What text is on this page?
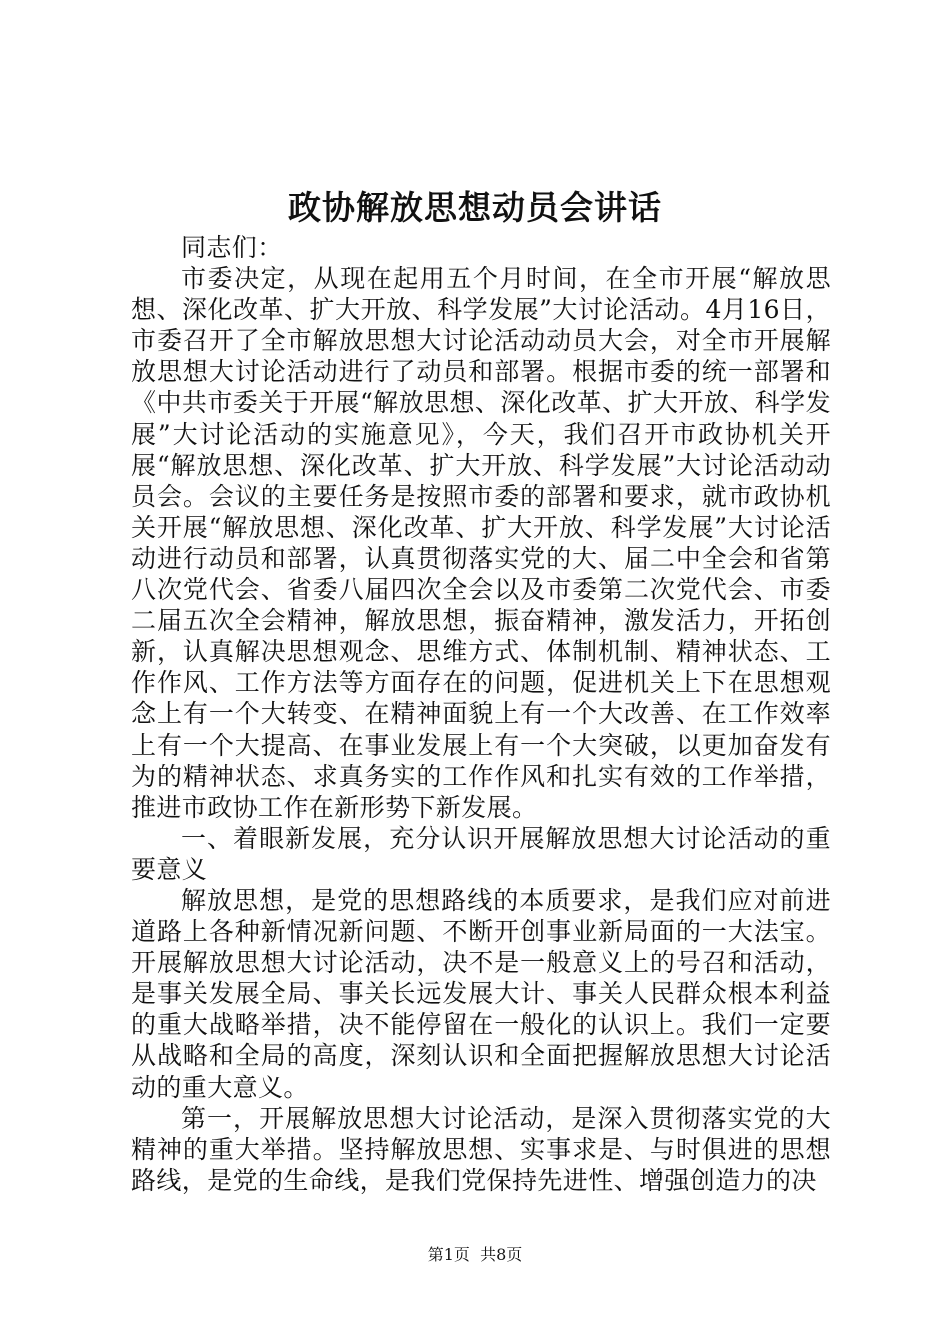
政协解放思想动员会讲话

同志们：

市委决定，从现在起用五个月时间，在全市开展“解放思想、深化改革、扩大开放、科学发展”大讨论活动。4月16日，市委召开了全市解放思想大讨论活动动员大会，对全市开展解放思想大讨论活动进行了动员和部署。根据市委的统一部署和《中共市委关于开展“解放思想、深化改革、扩大开放、科学发展”大讨论活动的实施意见》，今天，我们召开市政协机关开展“解放思想、深化改革、扩大开放、科学发展”大讨论活动动员会。会议的主要任务是按照市委的部署和要求，就市政协机关开展“解放思想、深化改革、扩大开放、科学发展”大讨论活动进行动员和部署，认真贯彻落实党的大、届二中全会和省第八次党代会、省委八届四次全会以及市委第二次党代会、市委二届五次全会精神，解放思想，振奋精神，激发活力，开拓创新，认真解决思想观念、思维方式、体制机制、精神状态、工作作风、工作方法等方面存在的问题，促进机关上下在思想观念上有一个大转变、在精神面貌上有一个大改善、在工作效率上有一个大提高、在事业发展上有一个大突破，以更加奋发有为的精神状态、求真务实的工作作风和扎实有效的工作举措，推进市政协工作在新形势下新发展。

一、着眼新发展，充分认识开展解放思想大讨论活动的重要意义

解放思想，是党的思想路线的本质要求，是我们应对前进道路上各种新情况新问题、不断开创事业新局面的一大法宝。开展解放思想大讨论活动，决不是一般意义上的号召和活动，是事关发展全局、事关长远发展大计、事关人民群众根本利益的重大战略举措，决不能停留在一般化的认识上。我们一定要从战略和全局的高度，深刻认识和全面把握解放思想大讨论活动的重大意义。

第一，开展解放思想大讨论活动，是深入贯彻落实党的大精神的重大举措。坚持解放思想、实事求是、与时俱进的思想路线，是党的生命线，是我们党保持先进性、增强创造力的决

第1页 共8页
